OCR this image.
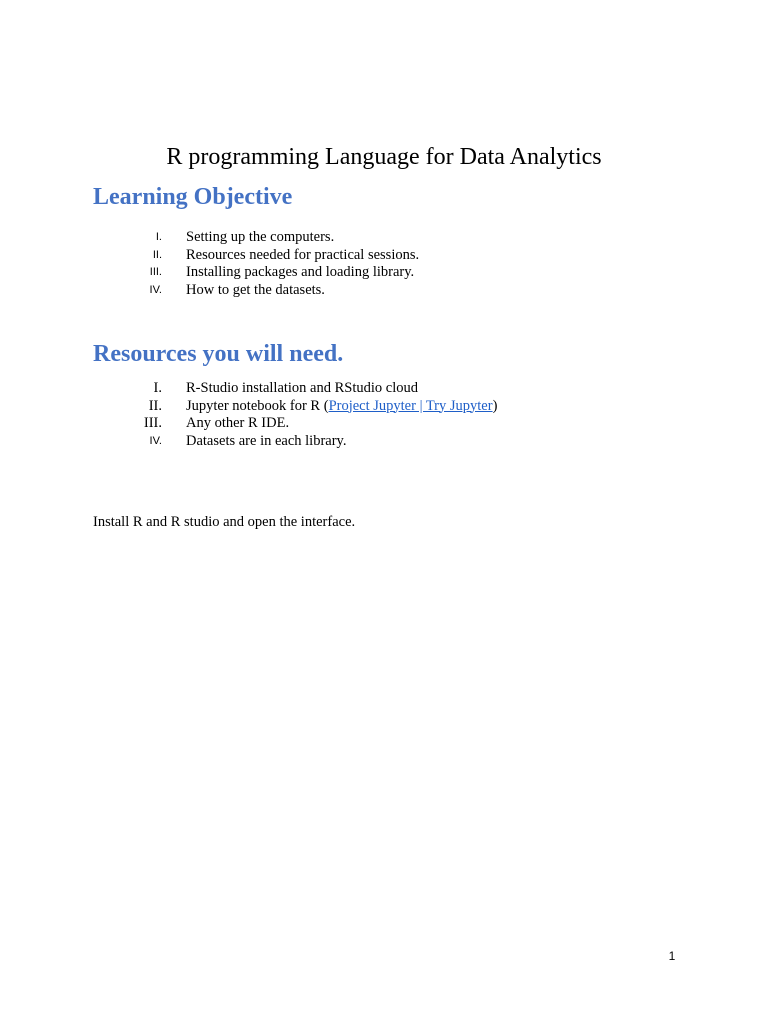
R programming Language for Data Analytics
Learning Objective
I. Setting up the computers.
II. Resources needed for practical sessions.
III. Installing packages and loading library.
IV. How to get the datasets.
Resources you will need.
I. R-Studio installation and RStudio cloud
II. Jupyter notebook for R (Project Jupyter | Try Jupyter)
III. Any other R IDE.
IV. Datasets are in each library.

Install R and R studio and open the interface.

1
